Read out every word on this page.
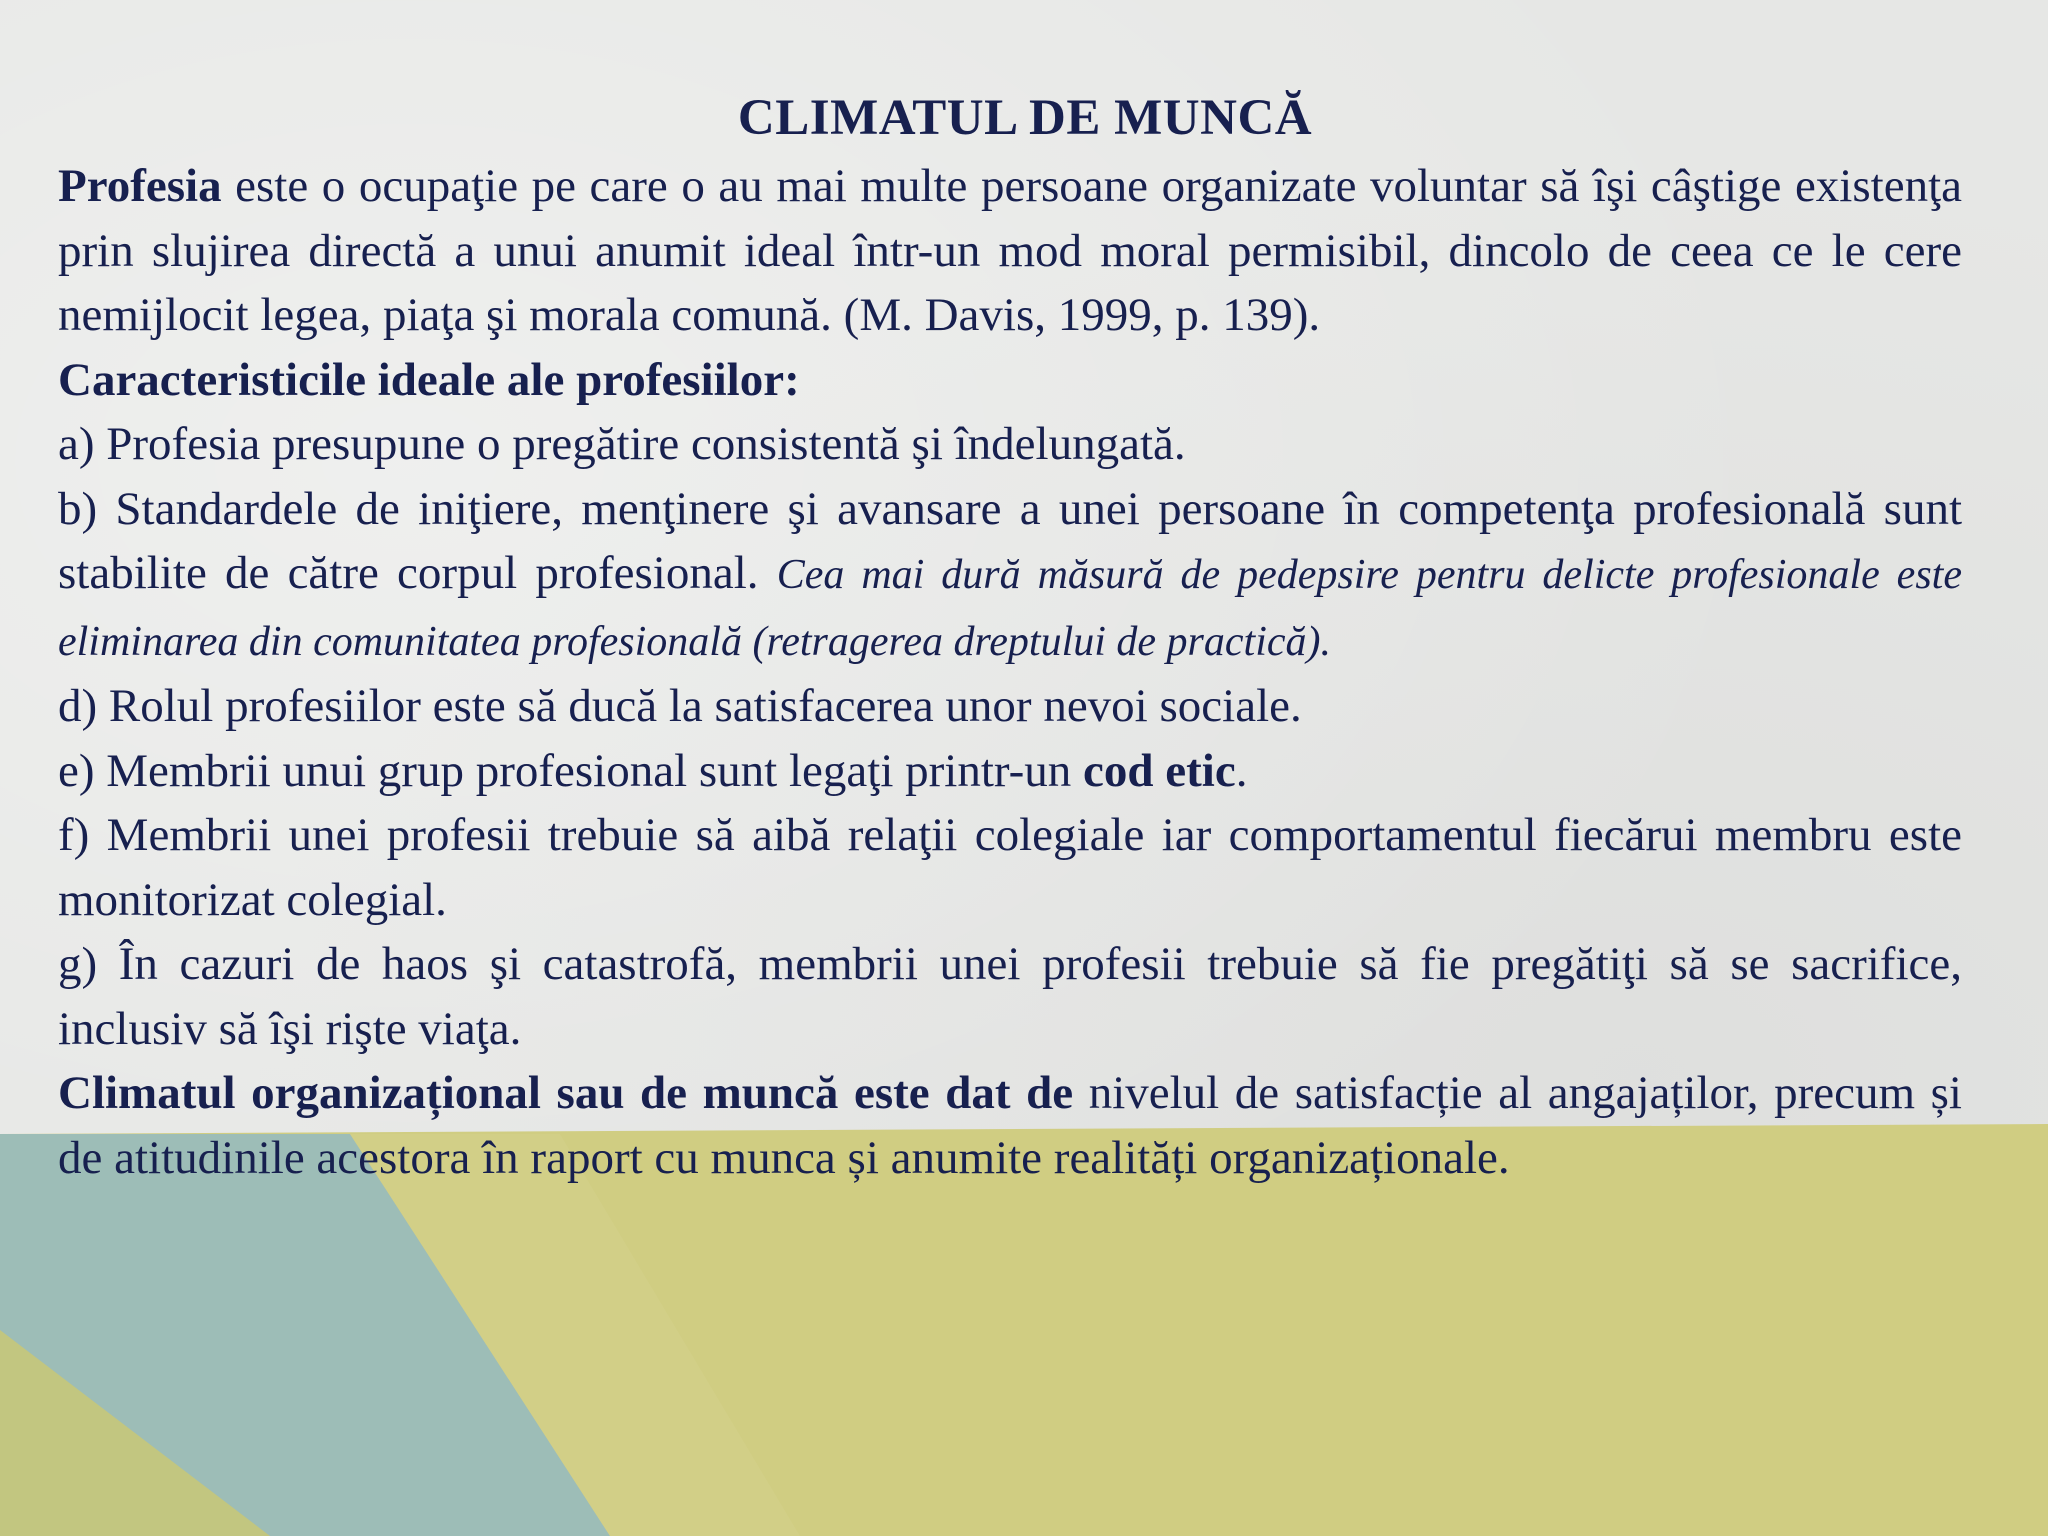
CLIMATUL DE MUNCĂ

Profesia este o ocupaţie pe care o au mai multe persoane organizate voluntar să îşi câştige existenţa prin slujirea directă a unui anumit ideal într-un mod moral permisibil, dincolo de ceea ce le cere nemijlocit legea, piaţa şi morala comună. (M. Davis, 1999, p. 139).

Caracteristicile ideale ale profesiilor:

a) Profesia presupune o pregătire consistentă şi îndelungată.

b) Standardele de iniţiere, menţinere şi avansare a unei persoane în competenţa profesională sunt stabilite de către corpul profesional. Cea mai dură măsură de pedepsire pentru delicte profesionale este eliminarea din comunitatea profesională (retragerea dreptului de practică).

d) Rolul profesiilor este să ducă la satisfacerea unor nevoi sociale.

e) Membrii unui grup profesional sunt legaţi printr-un cod etic.

f) Membrii unei profesii trebuie să aibă relaţii colegiale iar comportamentul fiecărui membru este monitorizat colegial.

g) În cazuri de haos şi catastrofă, membrii unei profesii trebuie să fie pregătiţi să se sacrifice, inclusiv să îşi rişte viaţa.

Climatul organizațional sau de muncă este dat de nivelul de satisfacție al angajaților, precum și de atitudinile acestora în raport cu munca și anumite realități organizaționale.
